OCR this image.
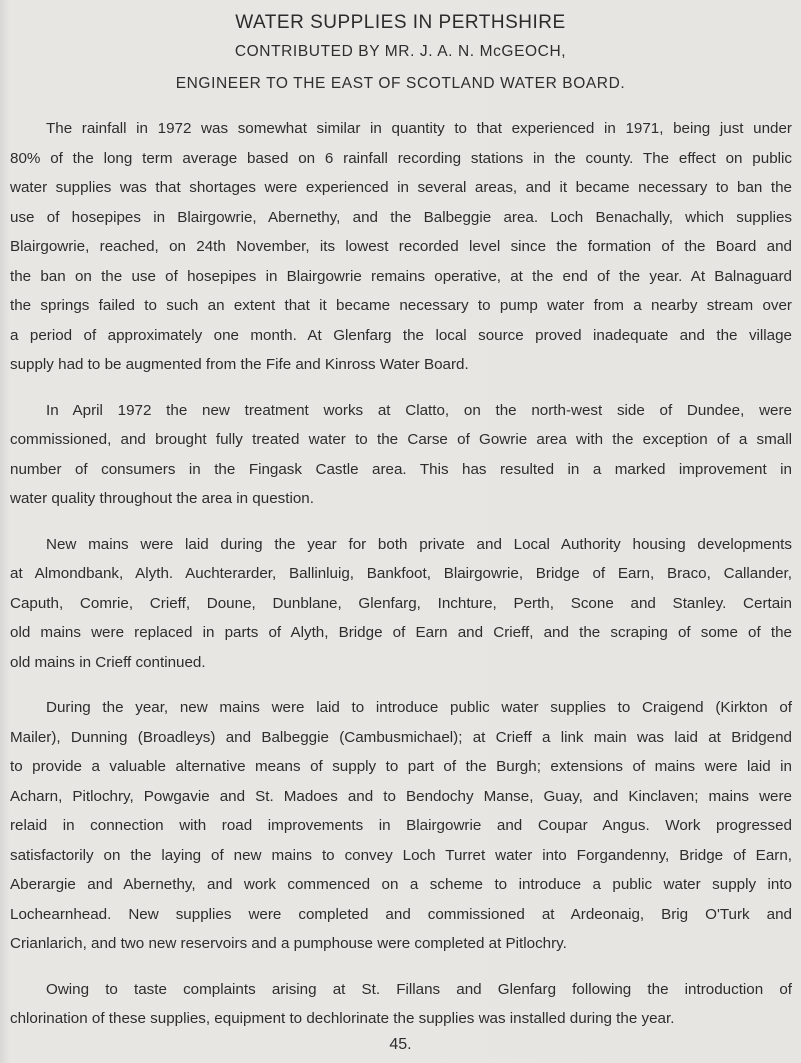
WATER SUPPLIES IN PERTHSHIRE
CONTRIBUTED BY MR. J. A. N. McGEOCH,
ENGINEER TO THE EAST OF SCOTLAND WATER BOARD.
The rainfall in 1972 was somewhat similar in quantity to that experienced in 1971, being just under
80% of the long term average based on 6 rainfall recording stations in the county. The effect on public
water supplies was that shortages were experienced in several areas, and it became necessary to ban the
use of hosepipes in Blairgowrie, Abernethy, and the Balbeggie area. Loch Benachally, which supplies
Blairgowrie, reached, on 24th November, its lowest recorded level since the formation of the Board and
the ban on the use of hosepipes in Blairgowrie remains operative, at the end of the year. At Balnaguard
the springs failed to such an extent that it became necessary to pump water from a nearby stream over
a period of approximately one month. At Glenfarg the local source proved inadequate and the village
supply had to be augmented from the Fife and Kinross Water Board.
In April 1972 the new treatment works at Clatto, on the north-west side of Dundee, were
commissioned, and brought fully treated water to the Carse of Gowrie area with the exception of a small
number of consumers in the Fingask Castle area. This has resulted in a marked improvement in
water quality throughout the area in question.
New mains were laid during the year for both private and Local Authority housing developments
at Almondbank, Alyth. Auchterarder, Ballinluig, Bankfoot, Blairgowrie, Bridge of Earn, Braco, Callander,
Caputh, Comrie, Crieff, Doune, Dunblane, Glenfarg, Inchture, Perth, Scone and Stanley. Certain
old mains were replaced in parts of Alyth, Bridge of Earn and Crieff, and the scraping of some of the
old mains in Crieff continued.
During the year, new mains were laid to introduce public water supplies to Craigend (Kirkton of
Mailer), Dunning (Broadleys) and Balbeggie (Cambusmichael); at Crieff a link main was laid at Bridgend
to provide a valuable alternative means of supply to part of the Burgh; extensions of mains were laid in
Acharn, Pitlochry, Powgavie and St. Madoes and to Bendochy Manse, Guay, and Kinclaven; mains were
relaid in connection with road improvements in Blairgowrie and Coupar Angus. Work progressed
satisfactorily on the laying of new mains to convey Loch Turret water into Forgandenny, Bridge of Earn,
Aberargie and Abernethy, and work commenced on a scheme to introduce a public water supply into
Lochearnhead. New supplies were completed and commissioned at Ardeonaig, Brig O'Turk and
Crianlarich, and two new reservoirs and a pumphouse were completed at Pitlochry.
Owing to taste complaints arising at St. Fillans and Glenfarg following the introduction of
chlorination of these supplies, equipment to dechlorinate the supplies was installed during the year.
45.
